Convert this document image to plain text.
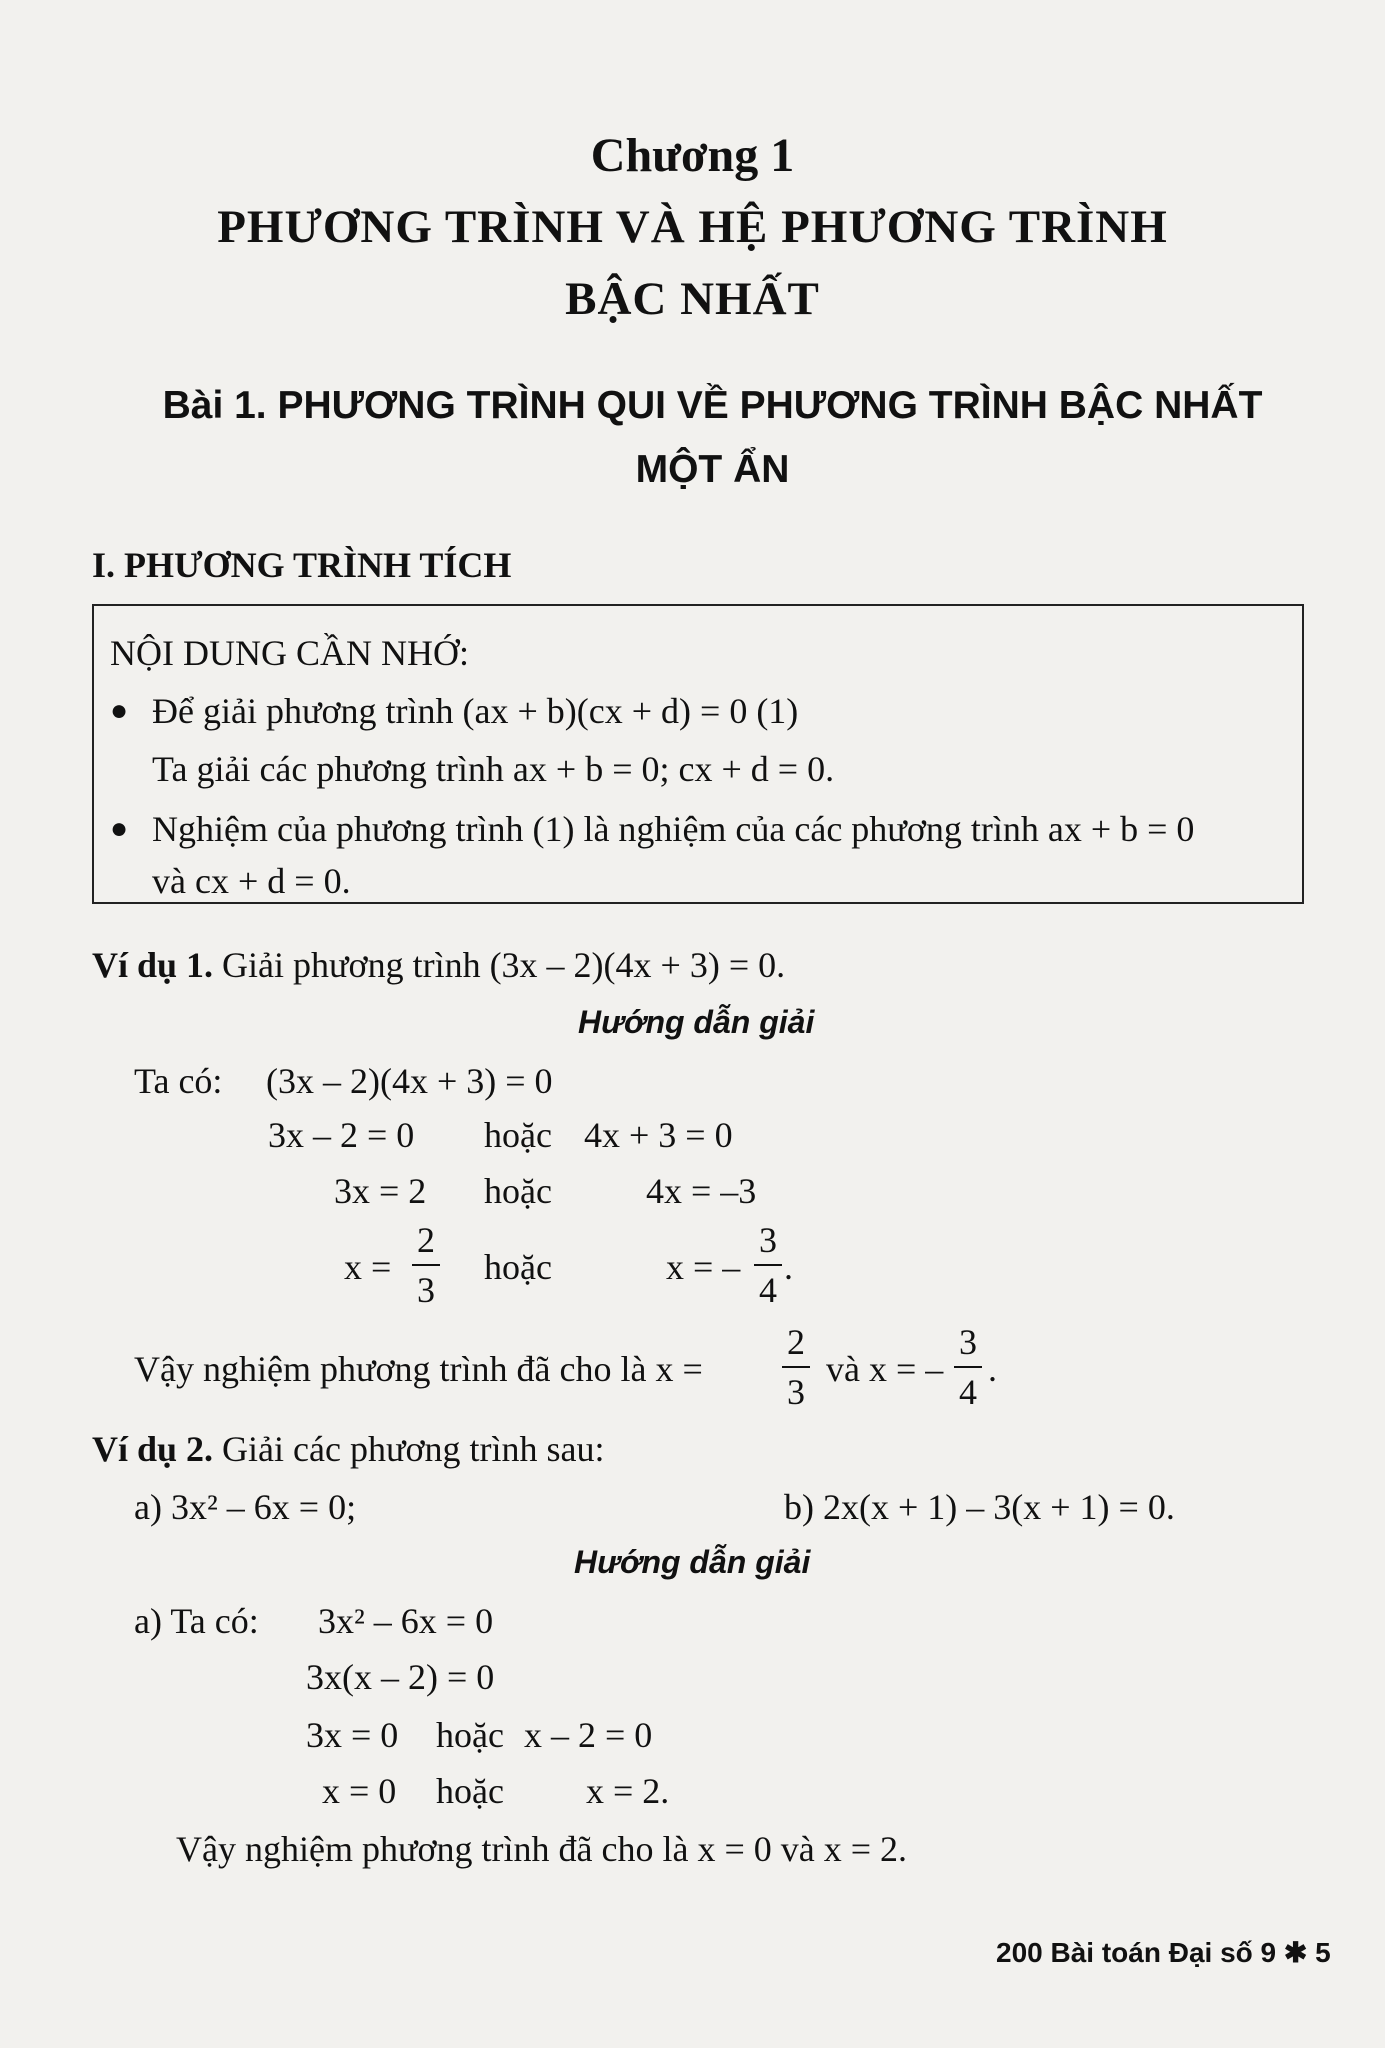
Chương 1
PHƯƠNG TRÌNH VÀ HỆ PHƯƠNG TRÌNH
BẬC NHẤT
Bài 1. PHƯƠNG TRÌNH QUI VỀ PHƯƠNG TRÌNH BẬC NHẤT
MỘT ẨN
I. PHƯƠNG TRÌNH TÍCH
NỘI DUNG CẦN NHỚ:
● Để giải phương trình (ax + b)(cx + d) = 0 (1)
Ta giải các phương trình ax + b = 0; cx + d = 0.
● Nghiệm của phương trình (1) là nghiệm của các phương trình ax + b = 0
và cx + d = 0.
Ví dụ 1. Giải phương trình (3x – 2)(4x + 3) = 0.
Hướng dẫn giải
Ta có: (3x – 2)(4x + 3) = 0
3x – 2 = 0 hoặc 4x + 3 = 0
3x = 2 hoặc	4x = –3
x =
2
3
hoặc	x = –
3
4
.
Vậy nghiệm phương trình đã cho là x =
2
3
và x = –
3
4
.
Ví dụ 2. Giải các phương trình sau:
a) 3x² – 6x = 0;	b) 2x(x + 1) – 3(x + 1) = 0.
Hướng dẫn giải
a) Ta có: 3x² – 6x = 0
3x(x – 2) = 0
3x = 0 hoặc x – 2 = 0
x = 0 hoặc x = 2.
Vậy nghiệm phương trình đã cho là x = 0 và x = 2.
200 Bài toán Đại số 9 ✱ 5
